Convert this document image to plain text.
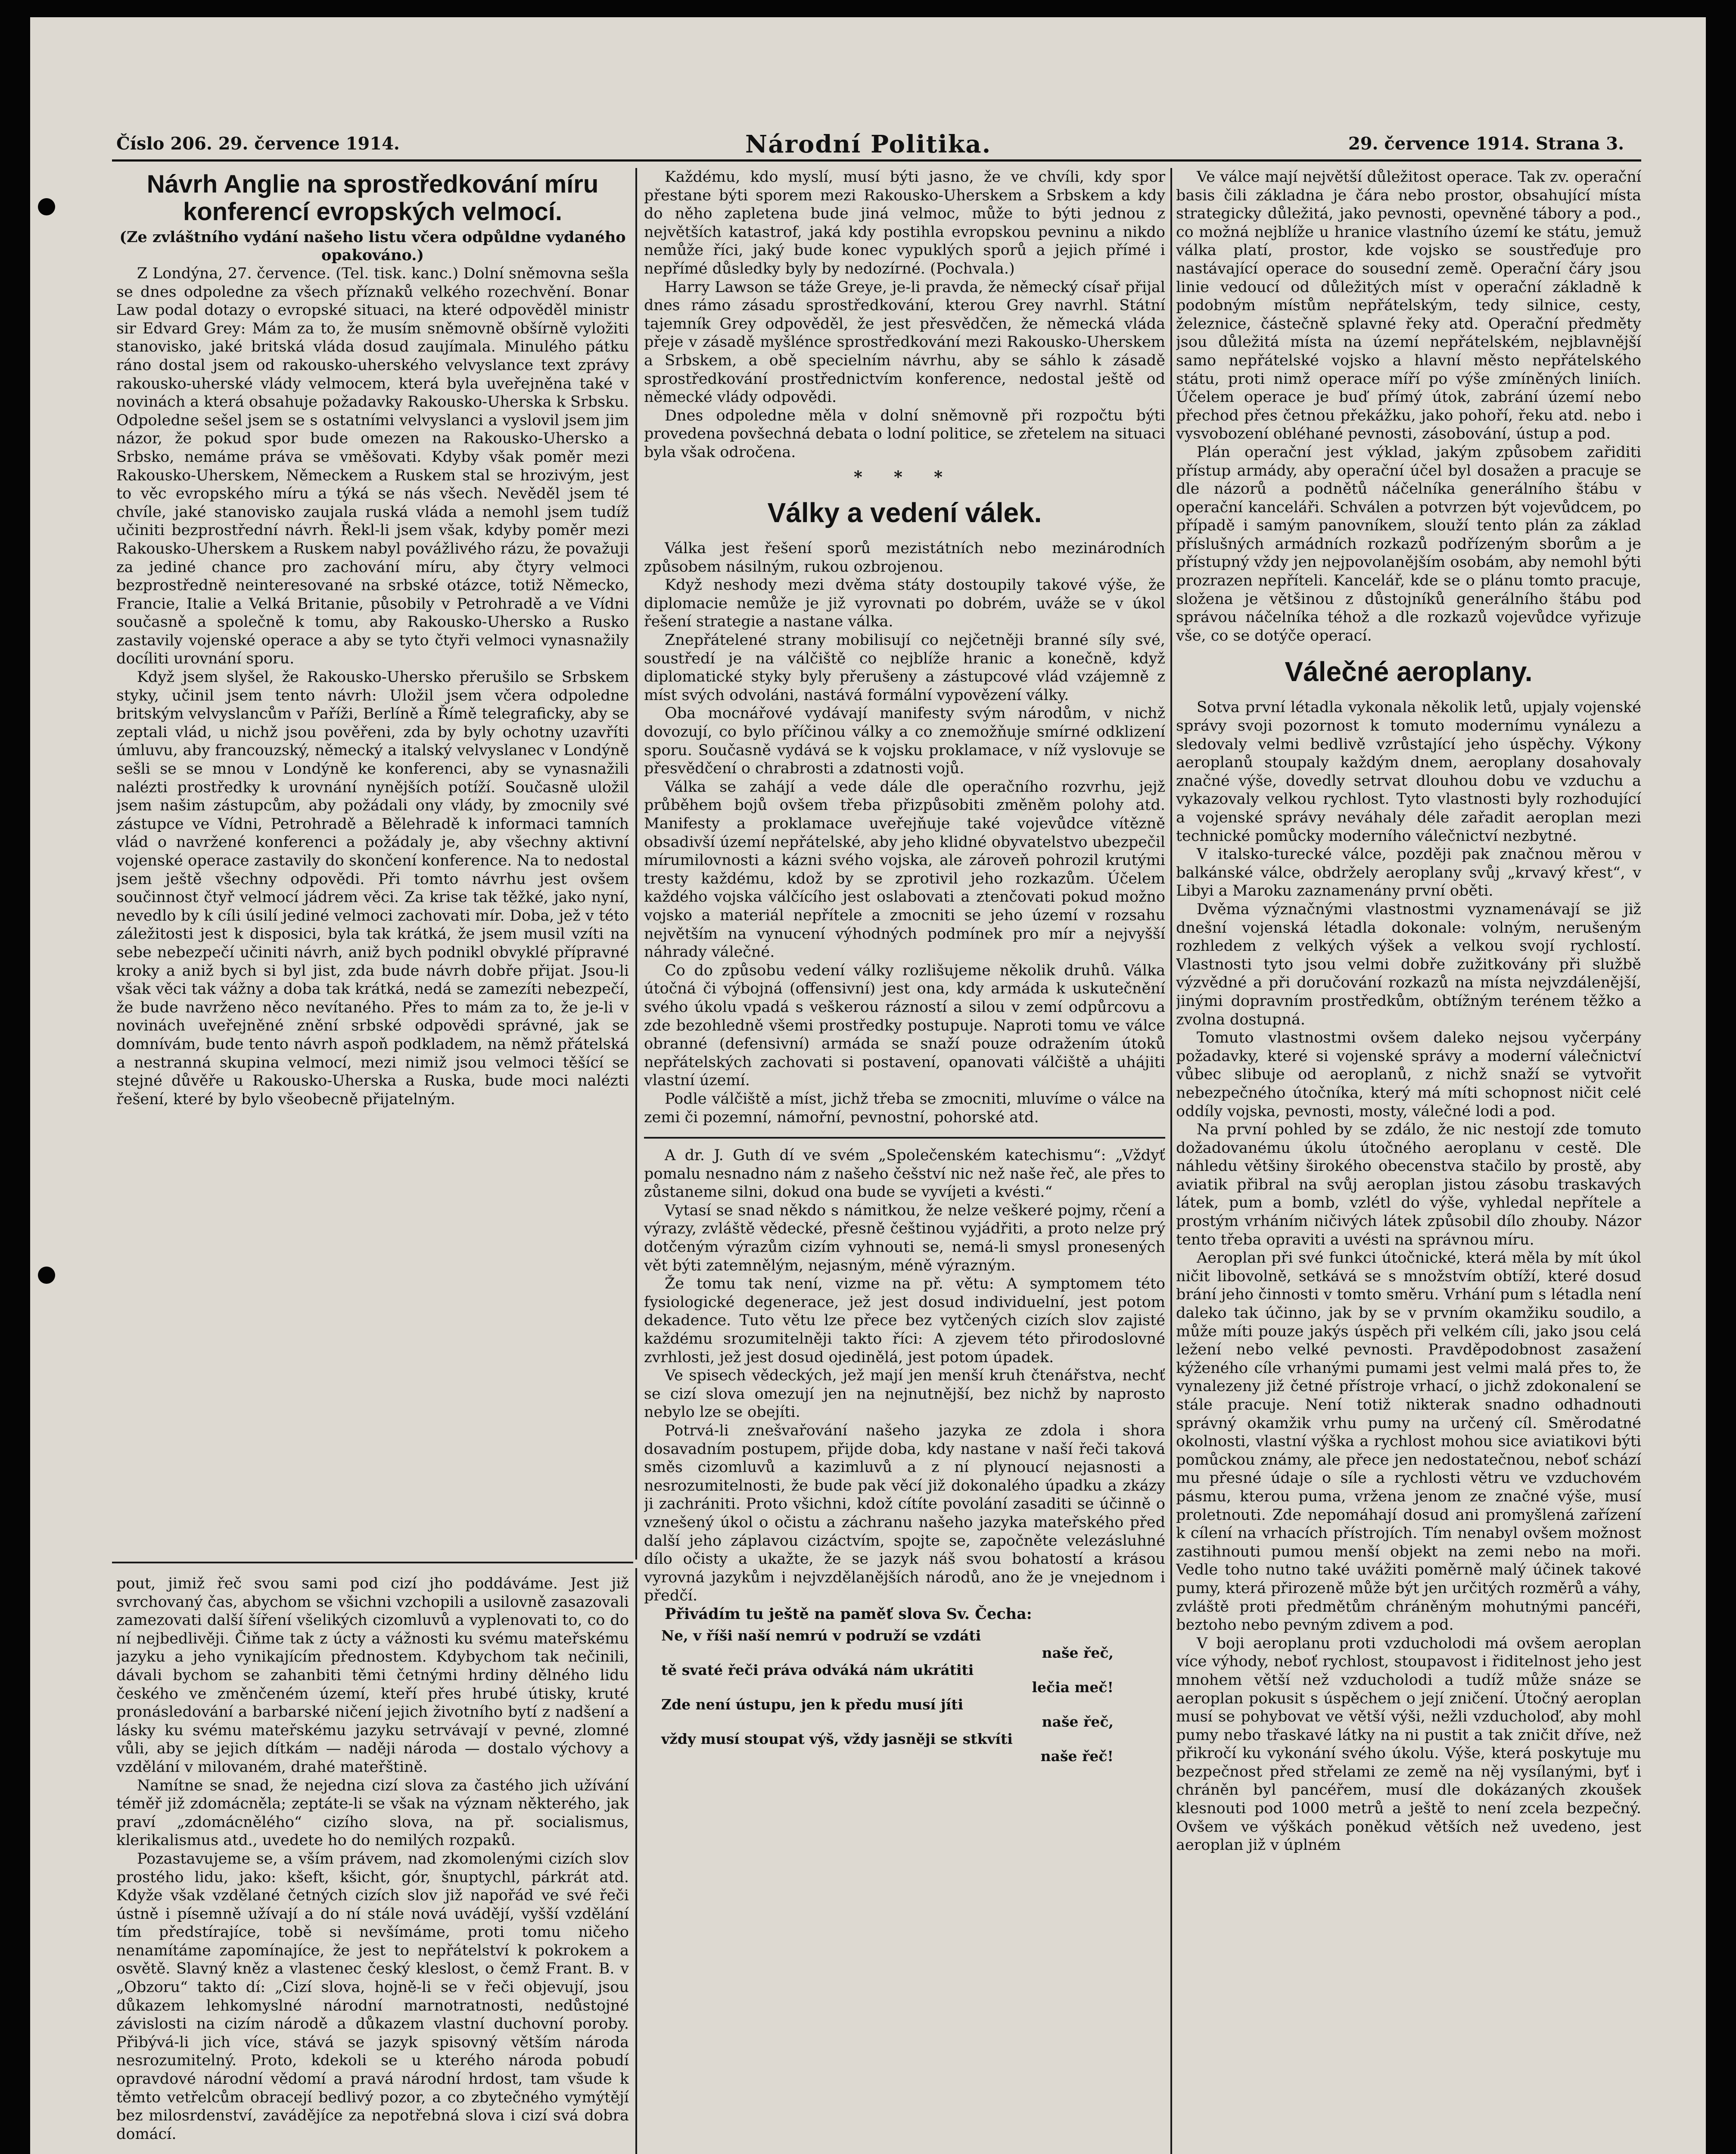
Číslo 206. 29. července 1914.	Národní Politika.	29. července 1914. Strana 3.
Návrh Anglie na sprostředkování míru konferencí evropských velmocí.

(Ze zvláštního vydání našeho listu včera odpůldne vydaného opakováno.)

Z Londýna, 27. července. (Tel. tisk. kanc.) Dolní sněmovna sešla se dnes odpoledne za všech příznaků velkého rozechvění. Bonar Law podal dotazy o evropské situaci, na které odpověděl ministr sir Edvard Grey: Mám za to, že musím sněmovně obšírně vyložiti stanovisko, jaké britská vláda dosud zaujímala. Minulého pátku ráno dostal jsem od rakousko-uherského velvyslance text zprávy rakousko-uherské vlády velmocem, která byla uveřejněna také v novinách a která obsahuje požadavky Rakousko-Uherska k Srbsku. Odpoledne sešel jsem se s ostatními velvyslanci a vyslovil jsem jim názor, že pokud spor bude omezen na Rakousko-Uhersko a Srbsko, nemáme práva se vměšovati. Kdyby však poměr mezi Rakousko-Uherskem, Německem a Ruskem stal se hrozivým, jest to věc evropského míru a týká se nás všech. Nevěděl jsem té chvíle, jaké stanovisko zaujala ruská vláda a nemohl jsem tudíž učiniti bezprostřední návrh. Řekl-li jsem však, kdyby poměr mezi Rakousko-Uherskem a Ruskem nabyl povážlivého rázu, že považuji za jediné chance pro zachování míru, aby čtyry velmoci bezprostředně neinteresované na srbské otázce, totiž Německo, Francie, Italie a Velká Britanie, působily v Petrohradě a ve Vídni současně a společně k tomu, aby Rakousko-Uhersko a Rusko zastavily vojenské operace a aby se tyto čtyři velmoci vynasnažily docíliti urovnání sporu.

Když jsem slyšel, že Rakousko-Uhersko přerušilo se Srbskem styky, učinil jsem tento návrh: Uložil jsem včera odpoledne britským velvyslancům v Paříži, Berlíně a Římě telegraficky, aby se zeptali vlád, u nichž jsou pověřeni, zda by byly ochotny uzavříti úmluvu, aby francouzský, německý a italský velvyslanec v Londýně sešli se se mnou v Londýně ke konferenci, aby se vynasnažili nalézti prostředky k urovnání nynějších potíží. Současně uložil jsem našim zástupcům, aby požádali ony vlády, by zmocnily své zástupce ve Vídni, Petrohradě a Bělehradě k informaci tamních vlád o navržené konferenci a požádaly je, aby všechny aktivní vojenské operace zastavily do skončení konference. Na to nedostal jsem ještě všechny odpovědi. Při tomto návrhu jest ovšem součinnost čtyř velmocí jádrem věci. Za krise tak těžké, jako nyní, nevedlo by k cíli úsilí jediné velmoci zachovati mír. Doba, jež v této záležitosti jest k disposici, byla tak krátká, že jsem musil vzíti na sebe nebezpečí učiniti návrh, aniž bych podnikl obvyklé přípravné kroky a aniž bych si byl jist, zda bude návrh dobře přijat. Jsou-li však věci tak vážny a doba tak krátká, nedá se zamezíti nebezpečí, že bude navrženo něco nevítaného. Přes to mám za to, že je-li v novinách uveřejněné znění srbské odpovědi správné, jak se domnívám, bude tento návrh aspoň podkladem, na němž přátelská a nestranná skupina velmocí, mezi nimiž jsou velmoci těšící se stejné důvěře u Rakousko-Uherska a Ruska, bude moci nalézti řešení, které by bylo všeobecně přijatelným.

pout, jimiž řeč svou sami pod cizí jho poddáváme. Jest již svrchovaný čas, abychom se všichni vzchopili a usilovně zasazovali zamezovati další šíření všelikých cizomluvů a vyplenovati to, co do ní nejbedlivěji. Čiňme tak z úcty a vážnosti ku svému mateřskému jazyku a jeho vynikajícím přednostem. Kdybychom tak nečinili, dávali bychom se zahanbiti těmi četnými hrdiny dělného lidu českého ve změnčeném území, kteří přes hrubé útisky, kruté pronásledování a barbarské ničení jejich životního bytí z nadšení a lásky ku svému mateřskému jazyku setrvávají v pevné, zlomné vůli, aby se jejich dítkám — naději národa — dostalo výchovy a vzdělání v milovaném, drahé mateřštině.

Namítne se snad, že nejedna cizí slova za častého jich užívání téměř již zdomácněla; zeptáte-li se však na význam některého, jak praví „zdomácnělého“ cizího slova, na př. socialismus, klerikalismus atd., uvedete ho do nemilých rozpaků.

Pozastavujeme se, a vším právem, nad zkomolenými cizích slov prostého lidu, jako: kšeft, kšicht, gór, šnuptychl, párkrát atd. Kdyže však vzdělané četných cizích slov již napořád ve své řeči ústně i písemně užívají a do ní stále nová uvádějí, vyšší vzdělání tím předstírajíce, tobě si nevšímáme, proti tomu ničeho nenamítáme zapomínajíce, že jest to nepřátelství k pokrokem a osvětě. Slavný kněz a vlastenec český kleslost, o čemž Frant. B. v „Obzoru“ takto dí: „Cizí slova, hojně-li se v řeči objevují, jsou důkazem lehkomyslné národní marnotratnosti, nedůstojné závislosti na cizím národě a důkazem vlastní duchovní poroby. Přibývá-li jich více, stává se jazyk spisovný větším národa nesrozumitelný. Proto, kdekoli se u kterého národa pobudí opravdové národní vědomí a pravá národní hrdost, tam všude k těmto vetřelcům obracejí bedlivý pozor, a co zbytečného vymýtějí bez milosrdenství, zavádějíce za nepotřebná slova i cizí svá dobra domácí.

Každému, kdo myslí, musí býti jasno, že ve chvíli, kdy spor přestane býti sporem mezi Rakousko-Uherskem a Srbskem a kdy do něho zapletena bude jiná velmoc, může to býti jednou z největších katastrof, jaká kdy postihla evropskou pevninu a nikdo nemůže říci, jaký bude konec vypuklých sporů a jejich přímé i nepřímé důsledky byly by nedozírné. (Pochvala.)

Harry Lawson se táže Greye, je-li pravda, že německý císař přijal dnes rámo zásadu sprostředkování, kterou Grey navrhl. Státní tajemník Grey odpověděl, že jest přesvědčen, že německá vláda přeje v zásadě myšlénce sprostředkování mezi Rakousko-Uherskem a Srbskem, a obě specielním návrhu, aby se sáhlo k zásadě sprostředkování prostřednictvím konference, nedostal ještě od německé vlády odpovědi.

Dnes odpoledne měla v dolní sněmovně při rozpočtu býti provedena povšechná debata o lodní politice, se zřetelem na situaci byla však odročena.

* * *
Války a vedení válek.

Válka jest řešení sporů mezistátních nebo mezinárodních způsobem násilným, rukou ozbrojenou.

Když neshody mezi dvěma státy dostoupily takové výše, že diplomacie nemůže je již vyrovnati po dobrém, uváže se v úkol řešení strategie a nastane válka.

Znepřátelené strany mobilisují co nejčetněji branné síly své, soustředí je na válčiště co nejblíže hranic a konečně, když diplomatické styky byly přerušeny a zástupcové vlád vzájemně z míst svých odvoláni, nastává formální vypovězení války.

Oba mocnářové vydávají manifesty svým národům, v nichž dovozují, co bylo příčinou války a co znemožňuje smírné odklizení sporu. Současně vydává se k vojsku proklamace, v níž vyslovuje se přesvědčení o chrabrosti a zdatnosti vojů.

Válka se zahájí a vede dále dle operačního rozvrhu, jejž průběhem bojů ovšem třeba přizpůsobiti změněm polohy atd. Manifesty a proklamace uveřejňuje také vojevůdce vítězně obsadivší území nepřátelské, aby jeho klidné obyvatelstvo ubezpečil mírumilovnosti a kázni svého vojska, ale zároveň pohrozil krutými tresty každému, kdož by se zprotivil jeho rozkazům. Účelem každého vojska válčícího jest oslabovati a ztenčovati pokud možno vojsko a materiál nepřítele a zmocniti se jeho území v rozsahu největším na vynucení výhodných podmínek pro mír a nejvyšší náhrady válečné.

Co do způsobu vedení války rozlišujeme několik druhů. Válka útočná či výbojná (offensivní) jest ona, kdy armáda k uskutečnění svého úkolu vpadá s veškerou rázností a silou v zemí odpůrcovu a zde bezohledně všemi prostředky postupuje. Naproti tomu ve válce obranné (defensivní) armáda se snaží pouze odražením útoků nepřátelských zachovati si postavení, opanovati válčiště a uhájiti vlastní území.

Podle válčiště a míst, jichž třeba se zmocniti, mluvíme o válce na zemi či pozemní, námořní, pevnostní, pohorské atd.

A dr. J. Guth dí ve svém „Společenském katechismu“: „Vždyť pomalu nesnadno nám z našeho češství nic než naše řeč, ale přes to zůstaneme silni, dokud ona bude se vyvíjeti a kvésti.“

Vytasí se snad někdo s námitkou, že nelze veškeré pojmy, rčení a výrazy, zvláště vědecké, přesně češtinou vyjádřiti, a proto nelze prý dotčeným výrazům cizím vyhnouti se, nemá-li smysl pronesených vět býti zatemnělým, nejasným, méně výrazným.

Že tomu tak není, vizme na př. větu: A symptomem této fysiologické degenerace, jež jest dosud individuelní, jest potom dekadence. Tuto větu lze přece bez vytčených cizích slov zajisté každému srozumitelněji takto říci: A zjevem této přirodoslovné zvrhlosti, jež jest dosud ojedinělá, jest potom úpadek.

Ve spisech vědeckých, jež mají jen menší kruh čtenářstva, nechť se cizí slova omezují jen na nejnutnější, bez nichž by naprosto nebylo lze se obejíti.

Potrvá-li znešvařování našeho jazyka ze zdola i shora dosavadním postupem, přijde doba, kdy nastane v naší řeči taková směs cizomluvů a kazimluvů a z ní plynoucí nejasnosti a nesrozumitelnosti, že bude pak věcí již dokonalého úpadku a zkázy ji zachrániti. Proto všichni, kdož cítíte povolání zasaditi se účinně o vznešený úkol o očistu a záchranu našeho jazyka mateřského před další jeho záplavou cizáctvím, spojte se, započněte velezásluhné dílo očisty a ukažte, že se jazyk náš svou bohatostí a krásou vyrovná jazykům i nejvzdělanějších národů, ano že je vnejednom i předčí.

Přivádím tu ještě na paměť slova Sv. Čecha:

Ne, v říši naší nemrú v podruží se vzdáti
naše řeč,
tě svaté řeči práva odváká nám ukrátiti
lečia meč!
Zde není ústupu, jen k předu musí jíti
naše řeč,
vždy musí stoupat výš, vždy jasněji se stkvíti
naše řeč!

Ve válce mají největší důležitost operace. Tak zv. operační basis čili základna je čára nebo prostor, obsahující místa strategicky důležitá, jako pevnosti, opevněné tábory a pod., co možná nejblíže u hranice vlastního území ke státu, jemuž válka platí, prostor, kde vojsko se soustřeďuje pro nastávající operace do sousední země. Operační čáry jsou linie vedoucí od důležitých míst v operační základně k podobným místům nepřátelským, tedy silnice, cesty, železnice, částečně splavné řeky atd. Operační předměty jsou důležitá místa na území nepřátelském, nejblavnější samo nepřátelské vojsko a hlavní město nepřátelského státu, proti nimž operace míří po výše zmíněných liniích. Účelem operace je buď přímý útok, zabrání území nebo přechod přes četnou překážku, jako pohoří, řeku atd. nebo i vysvobození obléhané pevnosti, zásobování, ústup a pod.

Plán operační jest výklad, jakým způsobem zařiditi přístup armády, aby operační účel byl dosažen a pracuje se dle názorů a podnětů náčelníka generálního štábu v operační kanceláři. Schválen a potvrzen být vojevůdcem, po případě i samým panovníkem, slouží tento plán za základ příslušných armádních rozkazů podřízeným sborům a je přístupný vždy jen nejpovolanějším osobám, aby nemohl býti prozrazen nepříteli. Kancelář, kde se o plánu tomto pracuje, složena je většinou z důstojníků generálního štábu pod správou náčelníka téhož a dle rozkazů vojevůdce vyřizuje vše, co se dotýče operací.

Válečné aeroplany.

Sotva první létadla vykonala několik letů, upjaly vojenské správy svoji pozornost k tomuto modernímu vynálezu a sledovaly velmi bedlivě vzrůstající jeho úspěchy. Výkony aeroplanů stoupaly každým dnem, aeroplany dosahovaly značné výše, dovedly setrvat dlouhou dobu ve vzduchu a vykazovaly velkou rychlost. Tyto vlastnosti byly rozhodující a vojenské správy neváhaly déle zařadit aeroplan mezi technické pomůcky moderního válečnictví nezbytné.

V italsko-turecké válce, později pak značnou měrou v balkánské válce, obdržely aeroplany svůj „krvavý křest“, v Libyi a Maroku zaznamenány první oběti.

Dvěma význačnými vlastnostmi vyznamenávají se již dnešní vojenská létadla dokonale: volným, nerušeným rozhledem z velkých výšek a velkou svojí rychlostí. Vlastnosti tyto jsou velmi dobře zužitkovány při službě výzvědné a při doručování rozkazů na místa nejvzdálenější, jinými dopravním prostředkům, obtížným terénem těžko a zvolna dostupná.

Tomuto vlastnostmi ovšem dalekо nejsou vyčerpány požadavky, které si vojenské správy a moderní válečnictví vůbec slibuje od aeroplanů, z nichž snaží se vytvořit nebezpečného útočníka, který má míti schopnost ničit celé oddíly vojska, pevnosti, mosty, válečné lodi a pod.

Na první pohled by se zdálo, že nic nestojí zde tomuto dožadovanému úkolu útočného aeroplanu v cestě. Dle náhledu většiny širokého obecenstva stačilo by prostě, aby aviatik přibral na svůj aeroplan jistou zásobu traskavých látek, pum a bomb, vzlétl do výše, vyhledal nepřítele a prostým vrháním ničivých látek způsobil dílo zhouby. Názor tento třeba opraviti a uvésti na správnou míru.

Aeroplan při své funkci útočnické, která měla by mít úkol ničit libovolně, setkává se s množstvím obtíží, které dosud brání jeho činnosti v tomto směru. Vrhání pum s létadla není dalekо tak účinno, jak by se v prvním okamžiku soudilo, a může míti pouze jakýs úspěch při velkém cíli, jako jsou celá ležení nebo velké pevnosti. Pravděpodobnost zasažení kýženého cíle vrhanými pumami jest velmi malá přes to, že vynalezeny již četné přístroje vrhací, o jichž zdokonalení se stále pracuje. Není totiž nikterak snadno odhadnouti správný okamžik vrhu pumy na určený cíl. Směrodatné okolnosti, vlastní výška a rychlost mohou sice aviatikovi býti pomůckou známy, ale přece jen nedostatečnou, neboť schází mu přesné údaje o síle a rychlosti větru ve vzduchovém pásmu, kterou puma, vržena jenom ze značné výše, musí proletnouti. Zde nepomáhají dosud ani promyšlená zařízení k cílení na vrhacích přístrojích. Tím nenabyl ovšem možnost zastihnouti pumou menší objekt na zemi nebo na moři. Vedle toho nutno také uvážiti poměrně malý účinek takové pumy, která přirozeně může být jen určitých rozměrů a váhy, zvláště proti předmětům chráněným mohutnými pancéři, beztoho nebo pevným zdivem a pod.

V boji aeroplanu proti vzducholodi má ovšem aeroplan více výhody, neboť rychlost, stoupavost i řiditelnost jeho jest mnohem větší než vzducholodi a tudíž může snáze se aeroplan pokusit s úspěchem o její zničení. Útočný aeroplan musí se pohybovat ve větší výši, nežli vzducholoď, aby mohl pumy nebo třaskavé látky na ni pustit a tak zničit dříve, než přikročí ku vykonání svého úkolu. Výše, která poskytuje mu bezpečnost před střelami ze země na něj vysílanými, byť i chráněn byl pancéřem, musí dle dokázaných zkoušek klesnouti pod 1000 metrů a ještě to není zcela bezpečný. Ovšem ve výškách poněkud větších než uvedeno, jest aeroplan již v úplném
